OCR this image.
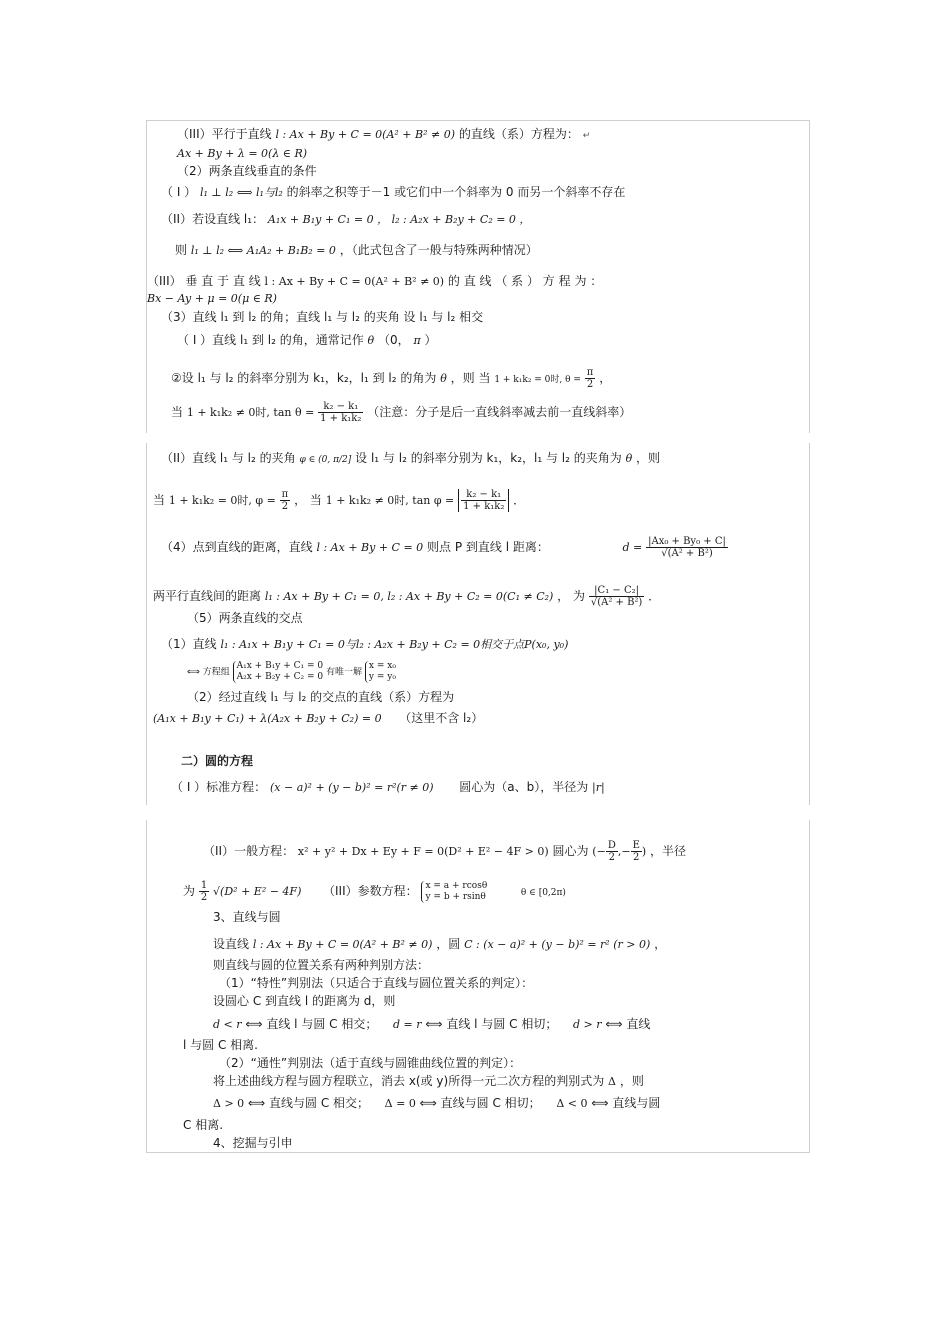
（III）平行于直线 l : Ax + By + C = 0(A² + B² ≠ 0) 的直线（系）方程为： ↵
Ax + By + λ = 0(λ ∈ R)
（2）两条直线垂直的条件
（ I ） l₁ ⊥ l₂ ⟺ l₁与l₂ 的斜率之积等于－1 或它们中一个斜率为 0 而另一个斜率不存在
（II）若设直线 l₁： A₁x + B₁y + C₁ = 0 ， l₂ : A₂x + B₂y + C₂ = 0 ，
则 l₁ ⊥ l₂ ⟺ A₁A₂ + B₁B₂ = 0 ，（此式包含了一般与特殊两种情况）
（III） 垂 直 于 直 线 l : Ax + By + C = 0(A² + B² ≠ 0) 的 直 线 （ 系 ） 方 程 为 ：
Bx − Ay + μ = 0(μ ∈ R)
（3）直线 l₁ 到 l₂ 的角；直线 l₁ 与 l₂ 的夹角 设 l₁ 与 l₂ 相交
（ I ）直线 l₁ 到 l₂ 的角，通常记作 θ （0， π ）
②设 l₁ 与 l₂ 的斜率分别为 k₁，k₂，l₁ 到 l₂ 的角为 θ ，则 当 1 + k₁k₂ = 0时, $\theta = \frac{\pi}{2}$ ，
当 1 + k₁k₂ ≠ 0时, $\tan \theta = \frac{\text{k₂ − k₁}}{\text{1 + k₁k₂}}$ （注意：分子是后一直线斜率减去前一直线斜率）
（II）直线 l₁ 与 l₂ 的夹角 φ ∈ (0, π/2] 设 l₁ 与 l₂ 的斜率分别为 k₁，k₂，l₁ 与 l₂ 的夹角为 θ ，则
当 1 + k₁k₂ = 0时, $\varphi = \frac{\pi}{2}$ ， 当 1 + k₁k₂ ≠ 0时, $\tan \varphi = \frac{\text{k₂ − k₁}}{\text{1 + k₁k₂}}$ ．
（4）点到直线的距离，直线 l : Ax + By + C = 0 则点 P 到直线 l 距离：	$d = \frac{\text{|Ax₀ + By₀ + C|}}{\text{√(A² + B²)}}$
两平行直线间的距离 l₁ : Ax + By + C₁ = 0, l₂ : Ax + By + C₂ = 0(C₁ ≠ C₂) ， 为 $\frac{\text{|C₁ − C₂|}}{\text{√(A² + B²)}}$ ．
（5）两条直线的交点
（1）直线 l₁ : A₁x + B₁y + C₁ = 0与l₂ : A₂x + B₂y + C₂ = 0相交于点P(x₀, y₀)
⟺ 方程组
A₁x + B₁y + C₁ = 0
A₂x + B₂y + C₂ = 0 有唯一解
x = x₀
y = y₀
（2）经过直线 l₁ 与 l₂ 的交点的直线（系）方程为
(A₁x + B₁y + C₁) + λ(A₂x + B₂y + C₂) = 0 （这里不含 l₂）
二）圆的方程
（ I ）标准方程： (x − a)² + (y − b)² = r²(r ≠ 0) 圆心为（a、b），半径为 |r|
（II）一般方程： x² + y² + Dx + Ey + F = 0(D² + E² − 4F > 0) 圆心为 (− $\frac{D}{2}$ ,− $\frac{E}{2}$ ) ，半径
为 $\frac{1}{2} √(D^2 + E^2 - 4F)$ （III）参数方程： x = a + rcosθ
y = b + rsinθ	θ ∈ [0,2π)
3、直线与圆
设直线 l : Ax + By + C = 0(A² + B² ≠ 0) ，圆 C : (x − a)² + (y − b)² = r² (r > 0) ，
则直线与圆的位置关系有两种判别方法：
（1）“特性”判别法（只适合于直线与圆位置关系的判定）：
设圆心 C 到直线 l 的距离为 d，则
d < r ⟺ 直线 l 与圆 C 相交； d = r ⟺ 直线 l 与圆 C 相切； d > r ⟺ 直线
l 与圆 C 相离.
（2）“通性”判别法（适于直线与圆锥曲线位置的判定）：
将上述曲线方程与圆方程联立，消去 x(或 y)所得一元二次方程的判别式为 Δ ，则
Δ > 0 ⟺ 直线与圆 C 相交； Δ = 0 ⟺ 直线与圆 C 相切； Δ < 0 ⟺ 直线与圆
C 相离.
4、挖掘与引申
